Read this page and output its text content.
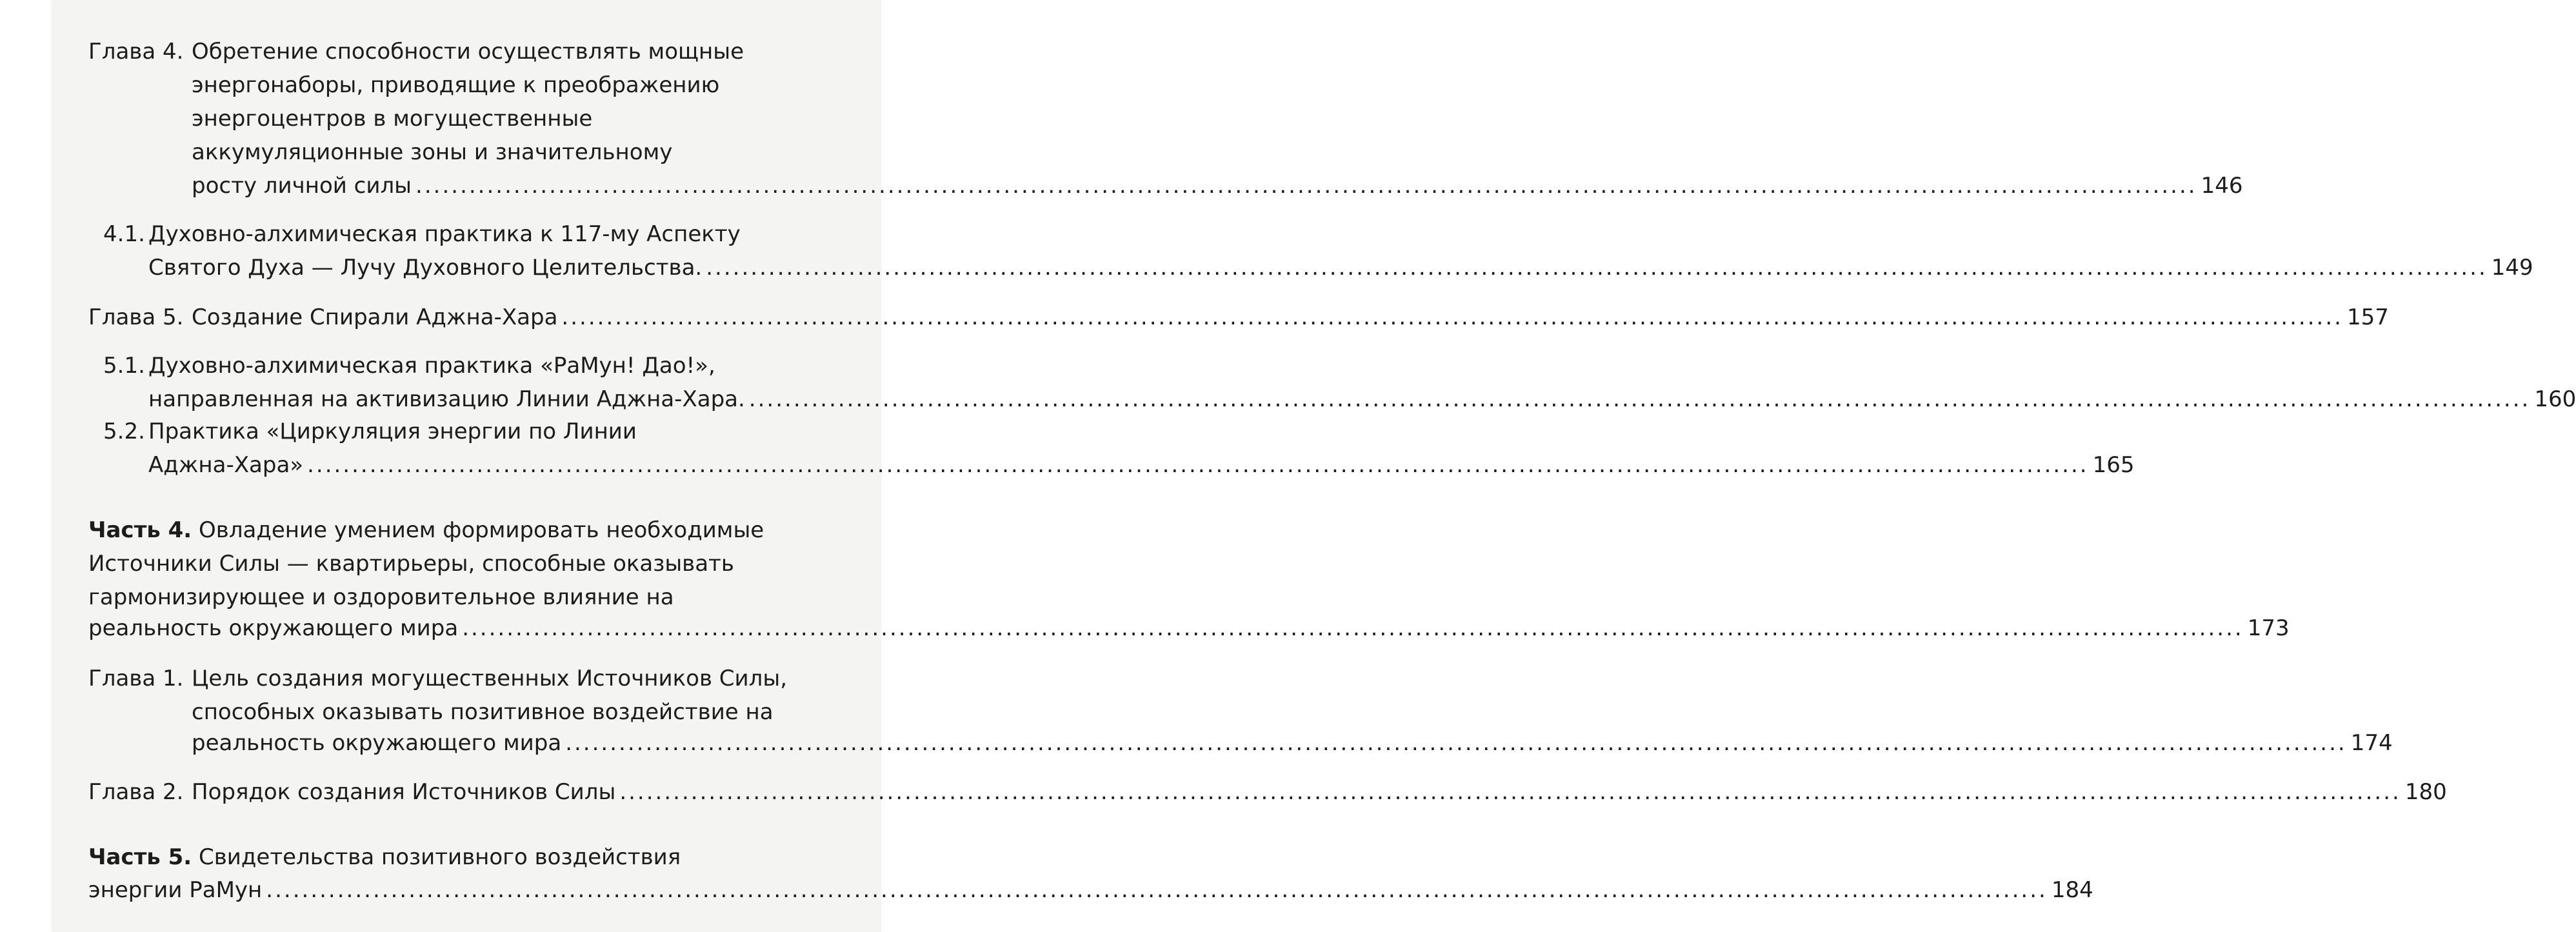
Глава 4. Обретение способности осуществлять мощные
энергонаборы, приводящие к преображению
энергоцентров в могущественные
аккумуляционные зоны и значительному
росту личной силы ........................................................................................................................................................................................................ 146
4.1. Духовно-алхимическая практика к 117-му Аспекту
Святого Духа — Лучу Духовного Целительства. ........................................................................................................................................................................................................ 149
Глава 5. Создание Спирали Аджна-Хара ........................................................................................................................................................................................................ 157
5.1. Духовно-алхимическая практика «РаМун! Дао!»,
направленная на активизацию Линии Аджна-Хара. ........................................................................................................................................................................................................ 160
5.2. Практика «Циркуляция энергии по Линии
Аджна-Хара» ........................................................................................................................................................................................................ 165
Часть 4. Овладение умением формировать необходимые
Источники Силы — квартирьеры, способные оказывать
гармонизирующее и оздоровительное влияние на
реальность окружающего мира ........................................................................................................................................................................................................ 173
Глава 1. Цель создания могущественных Источников Силы,
способных оказывать позитивное воздействие на
реальность окружающего мира ........................................................................................................................................................................................................ 174
Глава 2. Порядок создания Источников Силы ........................................................................................................................................................................................................ 180
Часть 5. Свидетельства позитивного воздействия
энергии РаМун ........................................................................................................................................................................................................ 184
